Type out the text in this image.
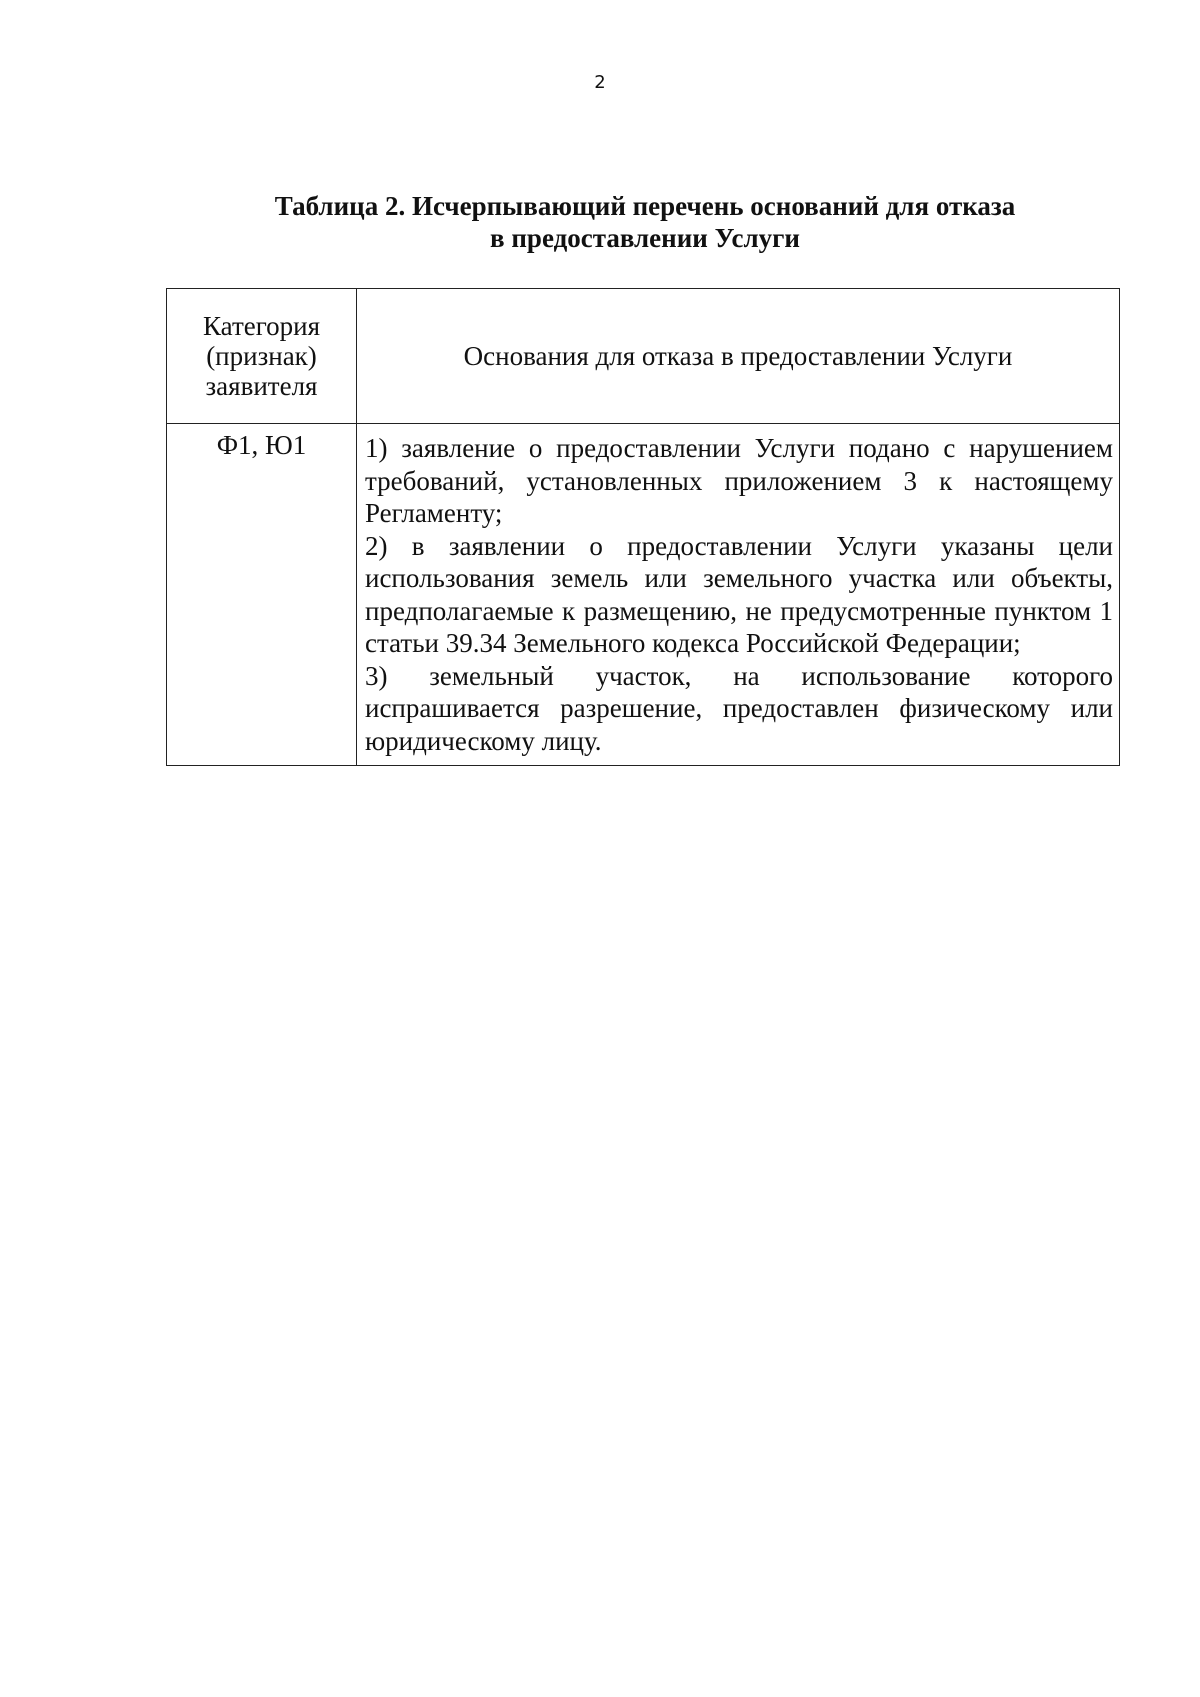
2
Таблица 2. Исчерпывающий перечень оснований для отказа
в предоставлении Услуги
Категория
(признак)
заявителя	Основания для отказа в предоставлении Услуги
Ф1, Ю1	1) заявление о предоставлении Услуги подано с нарушением требований, установленных приложением 3 к настоящему Регламенту;
2) в заявлении о предоставлении Услуги указаны цели использования земель или земельного участка или объекты, предполагаемые к размещению, не предусмотренные пунктом 1 статьи 39.34 Земельного кодекса Российской Федерации;
3) земельный участок, на использование которого испрашивается разрешение, предоставлен физическому или юридическому лицу.
